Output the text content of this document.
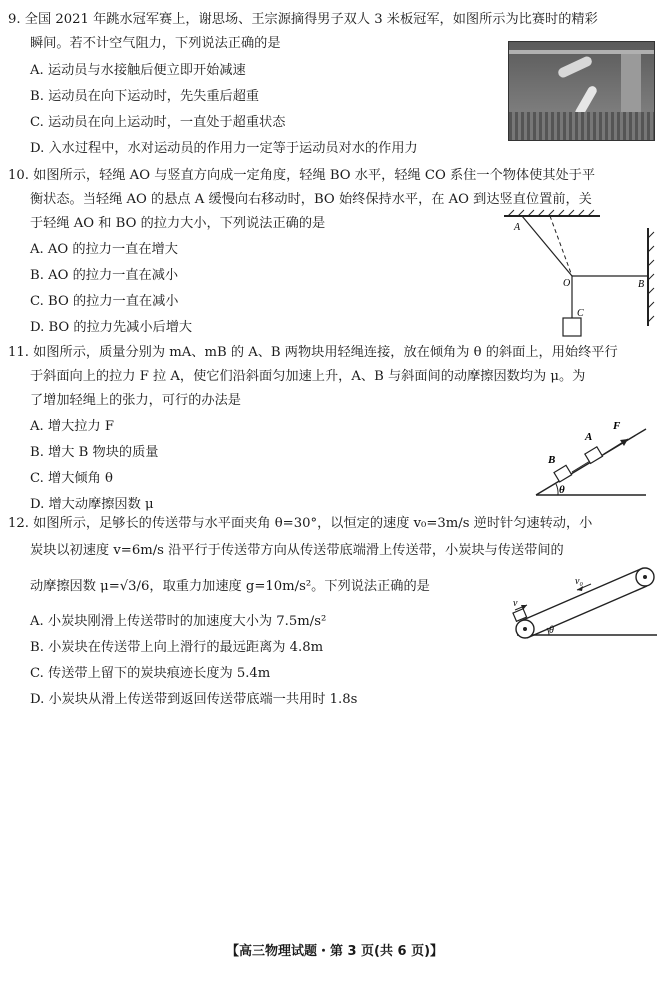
9. 全国 2021 年跳水冠军赛上，谢思场、王宗源摘得男子双人 3 米板冠军，如图所示为比赛时的精彩
瞬间。若不计空气阻力，下列说法正确的是
A. 运动员与水接触后便立即开始减速
B. 运动员在向下运动时，先失重后超重
C. 运动员在向上运动时，一直处于超重状态
D. 入水过程中，水对运动员的作用力一定等于运动员对水的作用力
10. 如图所示，轻绳 AO 与竖直方向成一定角度，轻绳 BO 水平，轻绳 CO 系住一个物体使其处于平
衡状态。当轻绳 AO 的悬点 A 缓慢向右移动时，BO 始终保持水平，在 AO 到达竖直位置前，关
于轻绳 AO 和 BO 的拉力大小，下列说法正确的是
A. AO 的拉力一直在增大
B. AO 的拉力一直在减小
C. BO 的拉力一直在减小
D. BO 的拉力先减小后增大
A
O	B
C
11. 如图所示，质量分别为 mA、mB 的 A、B 两物块用轻绳连接，放在倾角为 θ 的斜面上，用始终平行
于斜面向上的拉力 F 拉 A，使它们沿斜面匀加速上升，A、B 与斜面间的动摩擦因数均为 μ。为
了增加轻绳上的张力，可行的办法是
A. 增大拉力 F
B. 增大 B 物块的质量
C. 增大倾角 θ
D. 增大动摩擦因数 μ
θ
B
A
F
12. 如图所示，足够长的传送带与水平面夹角 θ=30°，以恒定的速度 v₀=3m/s 逆时针匀速转动，小
炭块以初速度 v=6m/s 沿平行于传送带方向从传送带底端滑上传送带，小炭块与传送带间的
动摩擦因数 μ=√3/6，取重力加速度 g=10m/s²。下列说法正确的是
A. 小炭块刚滑上传送带时的加速度大小为 7.5m/s²
B. 小炭块在传送带上向上滑行的最远距离为 4.8m
C. 传送带上留下的炭块痕迹长度为 5.4m
D. 小炭块从滑上传送带到返回传送带底端一共用时 1.8s
v
v₀
θ
【高三物理试题・第 3 页(共 6 页)】
